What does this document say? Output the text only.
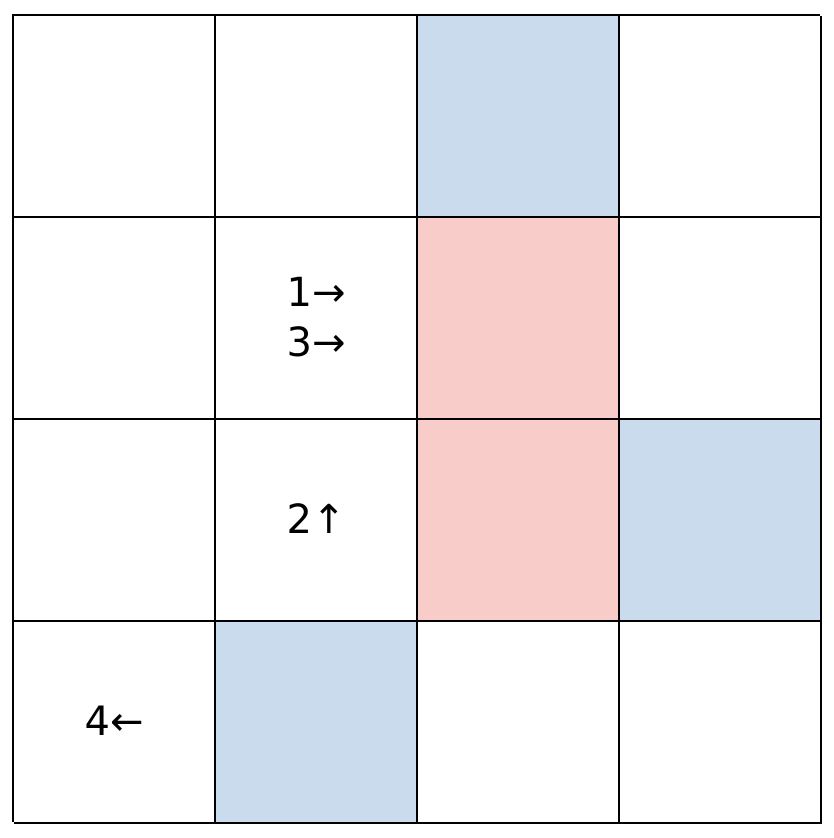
1→
3→
2↑
4←
